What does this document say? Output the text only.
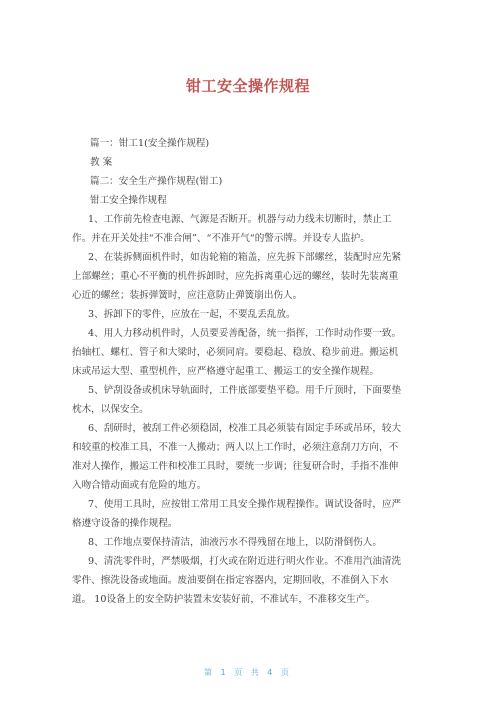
钳工安全操作规程

篇一：钳工1(安全操作规程)

教 案

篇二：安全生产操作规程(钳工)

钳工安全操作规程

1、工作前先检查电源、气源是否断开。机器与动力线未切断时，禁止工

作。并在开关处挂“不准合闸”、“不准开气“的警示牌。并设专人监护。

2、在装拆侧面机件时，如齿轮箱的箱盖，应先拆下部螺丝，装配时应先紧

上部螺丝；重心不平衡的机件拆卸时，应先拆离重心远的螺丝，装时先装离重

心近的螺丝；装拆弹簧时，应注意防止弹簧崩出伤人。

3、拆卸下的零件，应放在一起，不要乱丢乱放。

4、用人力移动机件时，人员要妥善配备，统一指挥，工作时动作要一致。

抬轴杠、螺杠、管子和大梁时，必须同肩。要稳起、稳放、稳步前进。搬运机

床或吊运大型、重型机件，应严格遵守起重工、搬运工的安全操作规程。

5、铲刮设备或机床导轨面时，工件底部要垫平稳。用千斤顶时，下面要垫

枕木，以保安全。

6、刮研时，被刮工件必须稳固，校准工具必须装有固定手环或吊环，较大

和较重的校准工具，不准一人搬动；两人以上工作时，必须注意刮刀方向，不

准对人操作，搬运工件和校准工具时，要统一步调；往复研合时，手指不准伸

入吻合错动面或有危险的地方。

7、使用工具时，应按钳工常用工具安全操作规程操作。调试设备时，应严

格遵守设备的操作规程。

8、工作地点要保持清洁，油液污水不得残留在地上，以防滑倒伤人。

9、清洗零件时，严禁吸烟，打火或在附近进行明火作业。不准用汽油清洗

零件、擦洗设备或地面。废油要倒在指定容器内，定期回收，不准倒入下水

道。 10设备上的安全防护装置未安装好前，不准试车，不准移交生产。

第 1 页 共 4 页
